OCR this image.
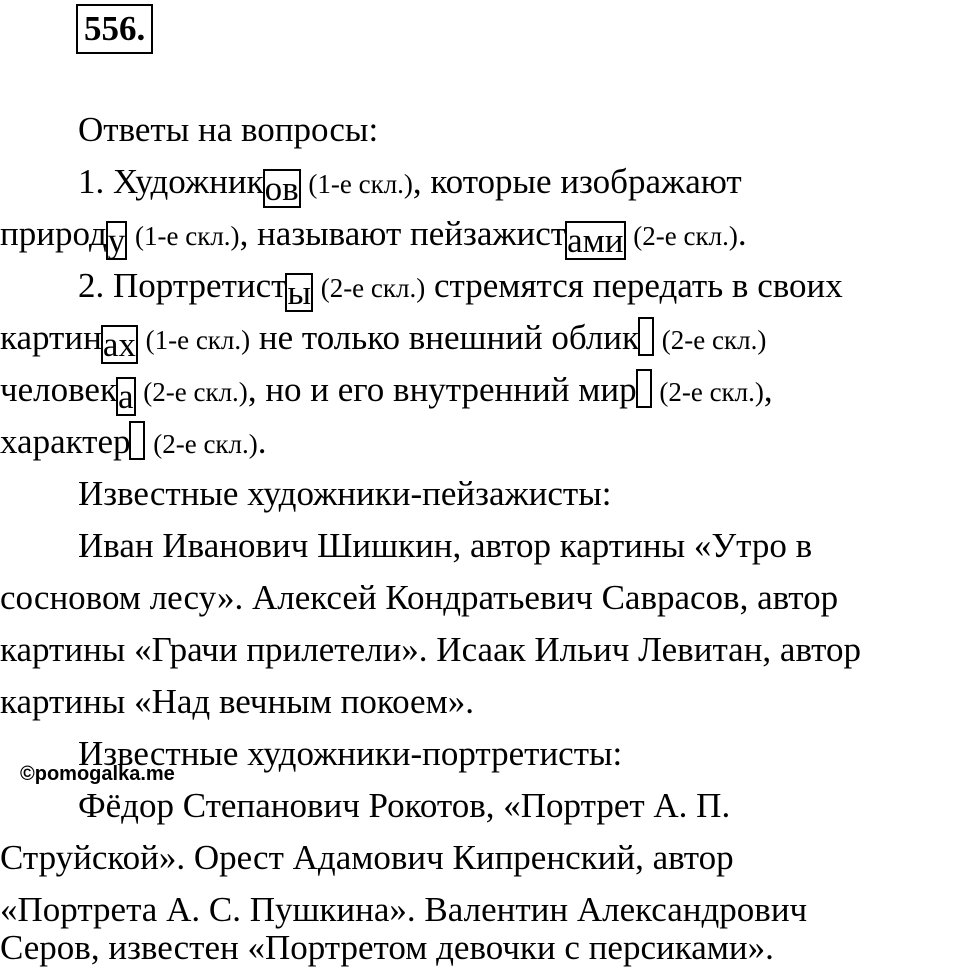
556.
Ответы на вопросы:
1. Художников (1-е скл.), которые изображают
природу (1-е скл.), называют пейзажистами (2-е скл.).
2. Портретисты (2-е скл.) стремятся передать в своих
картинах (1-е скл.) не только внешний облик (2-е скл.)
человека (2-е скл.), но и его внутренний мир (2-е скл.),
характер (2-е скл.).
Известные художники-пейзажисты:
Иван Иванович Шишкин, автор картины «Утро в
сосновом лесу». Алексей Кондратьевич Саврасов, автор
картины «Грачи прилетели». Исаак Ильич Левитан, автор
картины «Над вечным покоем».
Известные художники-портретисты:
©pomogalka.me
Фёдор Степанович Рокотов, «Портрет А. П.
Струйской». Орест Адамович Кипренский, автор
«Портрета А. С. Пушкина». Валентин Александрович
Серов, известен «Портретом девочки с персиками».
